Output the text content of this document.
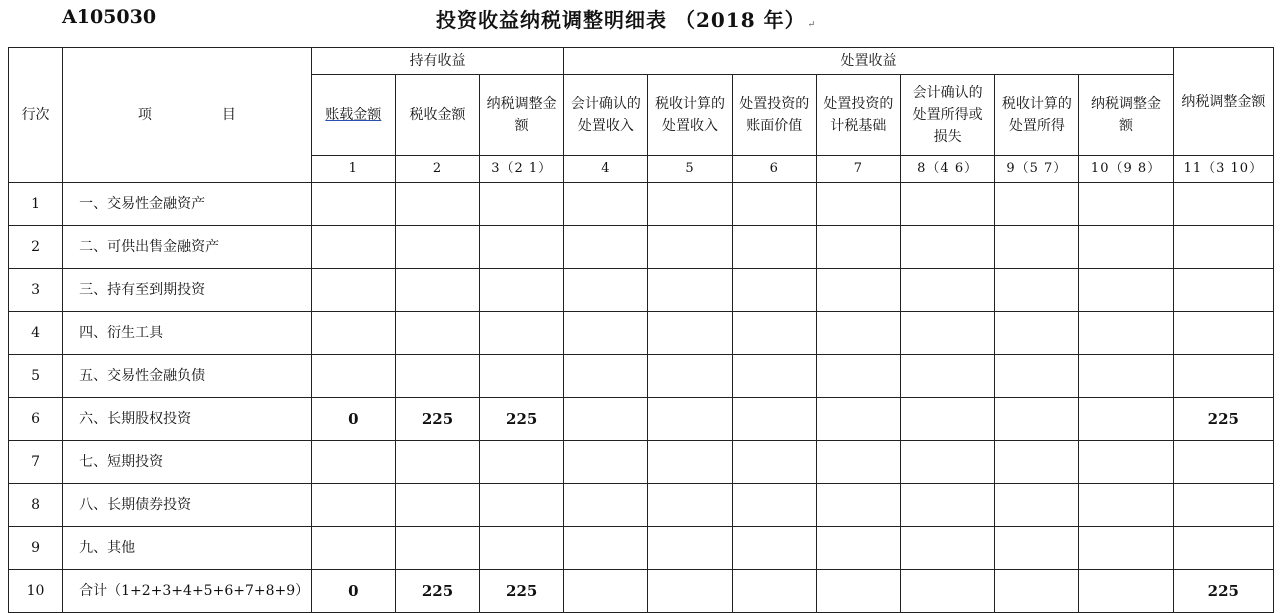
A105030	投资收益纳税调整明细表 （2018 年） ↵
行次	项　　　　　目	持有收益			处置收益							纳税调整金额
		账载金额	税收金额	纳税调整金额	会计确认的处置收入	税收计算的处置收入	处置投资的账面价值	处置投资的计税基础	会计确认的处置所得或损失	税收计算的处置所得	纳税调整金额	
		1	2	3（2 1）	4	5	6	7	8（4 6）	9（5 7）	10（9 8）	11（3 10）
1	一、交易性金融资产											
2	二、可供出售金融资产											
3	三、持有至到期投资											
4	四、衍生工具											
5	五、交易性金融负债											
6	六、长期股权投资	0	225	225								225
7	七、短期投资											
8	八、长期债券投资											
9	九、其他											
10	合计（1+2+3+4+5+6+7+8+9）	0	225	225								225
